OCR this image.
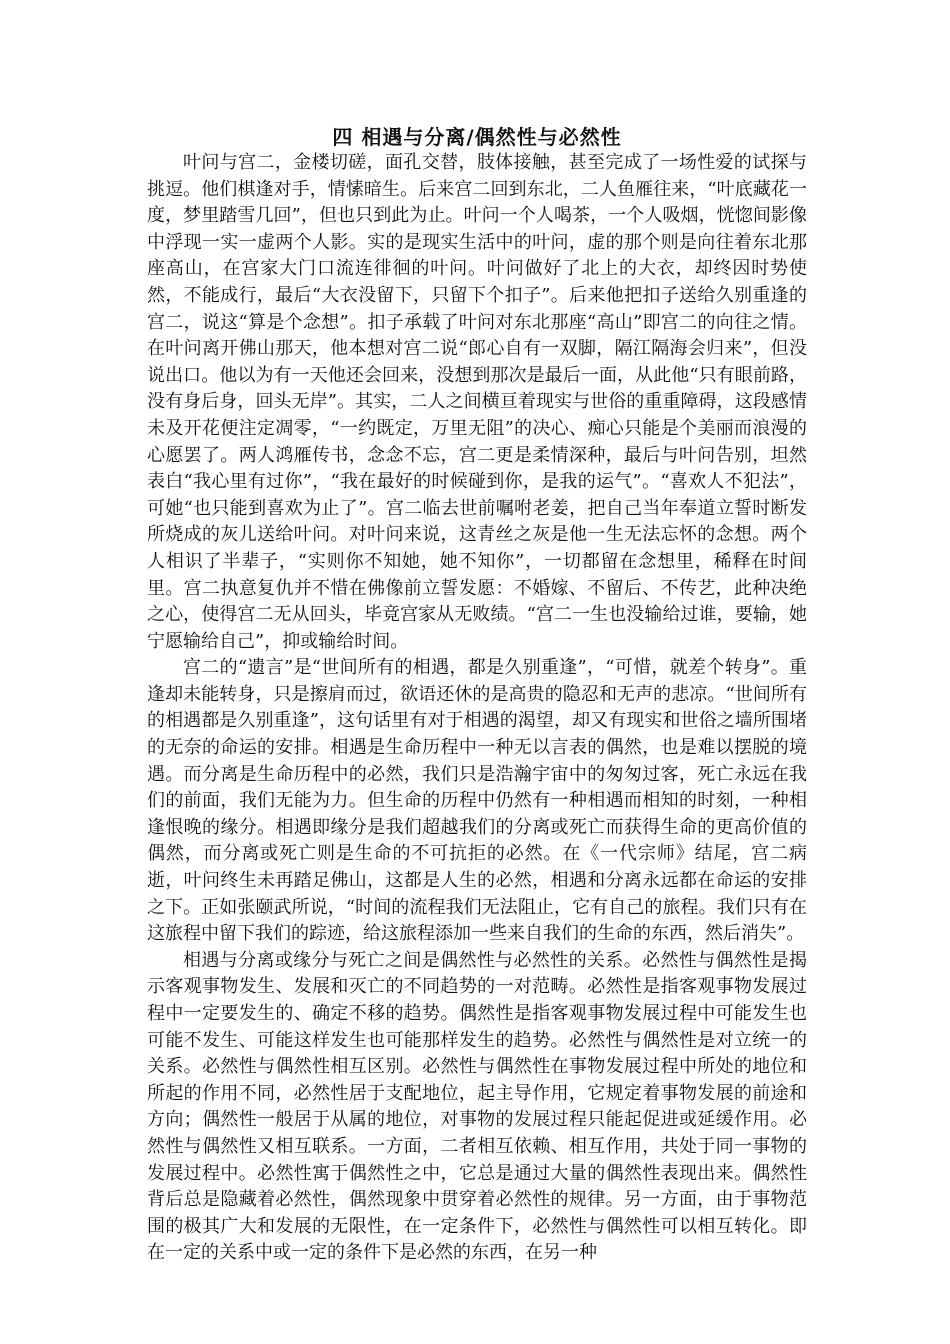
四 相遇与分离/偶然性与必然性

叶问与宫二，金楼切磋，面孔交替，肢体接触，甚至完成了一场性爱的试探与挑逗。他们棋逢对手，情愫暗生。后来宫二回到东北，二人鱼雁往来，“叶底藏花一度，梦里踏雪几回”，但也只到此为止。叶问一个人喝茶，一个人吸烟，恍惚间影像中浮现一实一虚两个人影。实的是现实生活中的叶问，虚的那个则是向往着东北那座高山，在宫家大门口流连徘徊的叶问。叶问做好了北上的大衣，却终因时势使然，不能成行，最后“大衣没留下，只留下个扣子”。后来他把扣子送给久别重逢的宫二，说这“算是个念想”。扣子承载了叶问对东北那座“高山”即宫二的向往之情。在叶问离开佛山那天，他本想对宫二说“郎心自有一双脚，隔江隔海会归来”，但没说出口。他以为有一天他还会回来，没想到那次是最后一面，从此他“只有眼前路，没有身后身，回头无岸”。其实，二人之间横亘着现实与世俗的重重障碍，这段感情未及开花便注定凋零，“一约既定，万里无阻”的决心、痴心只能是个美丽而浪漫的心愿罢了。两人鸿雁传书，念念不忘，宫二更是柔情深种，最后与叶问告别，坦然表白“我心里有过你”，“我在最好的时候碰到你，是我的运气”。“喜欢人不犯法”，可她“也只能到喜欢为止了”。宫二临去世前嘱咐老姜，把自己当年奉道立誓时断发所烧成的灰儿送给叶问。对叶问来说，这青丝之灰是他一生无法忘怀的念想。两个人相识了半辈子，“实则你不知她，她不知你”，一切都留在念想里，稀释在时间里。宫二执意复仇并不惜在佛像前立誓发愿：不婚嫁、不留后、不传艺，此种决绝之心，使得宫二无从回头，毕竟宫家从无败绩。“宫二一生也没输给过谁，要输，她宁愿输给自己”，抑或输给时间。

宫二的“遗言”是“世间所有的相遇，都是久别重逢”，“可惜，就差个转身”。重逢却未能转身，只是擦肩而过，欲语还休的是高贵的隐忍和无声的悲凉。“世间所有的相遇都是久别重逢”，这句话里有对于相遇的渴望，却又有现实和世俗之墙所围堵的无奈的命运的安排。相遇是生命历程中一种无以言表的偶然，也是难以摆脱的境遇。而分离是生命历程中的必然，我们只是浩瀚宇宙中的匆匆过客，死亡永远在我们的前面，我们无能为力。但生命的历程中仍然有一种相遇而相知的时刻，一种相逢恨晚的缘分。相遇即缘分是我们超越我们的分离或死亡而获得生命的更高价值的偶然，而分离或死亡则是生命的不可抗拒的必然。在《一代宗师》结尾，宫二病逝，叶问终生未再踏足佛山，这都是人生的必然，相遇和分离永远都在命运的安排之下。正如张颐武所说，“时间的流程我们无法阻止，它有自己的旅程。我们只有在这旅程中留下我们的踪迹，给这旅程添加一些来自我们的生命的东西，然后消失”。

相遇与分离或缘分与死亡之间是偶然性与必然性的关系。必然性与偶然性是揭示客观事物发生、发展和灭亡的不同趋势的一对范畴。必然性是指客观事物发展过程中一定要发生的、确定不移的趋势。偶然性是指客观事物发展过程中可能发生也可能不发生、可能这样发生也可能那样发生的趋势。必然性与偶然性是对立统一的关系。必然性与偶然性相互区别。必然性与偶然性在事物发展过程中所处的地位和所起的作用不同，必然性居于支配地位，起主导作用，它规定着事物发展的前途和方向；偶然性一般居于从属的地位，对事物的发展过程只能起促进或延缓作用。必然性与偶然性又相互联系。一方面，二者相互依赖、相互作用，共处于同一事物的发展过程中。必然性寓于偶然性之中，它总是通过大量的偶然性表现出来。偶然性背后总是隐藏着必然性，偶然现象中贯穿着必然性的规律。另一方面，由于事物范围的极其广大和发展的无限性，在一定条件下，必然性与偶然性可以相互转化。即在一定的关系中或一定的条件下是必然的东西，在另一种
